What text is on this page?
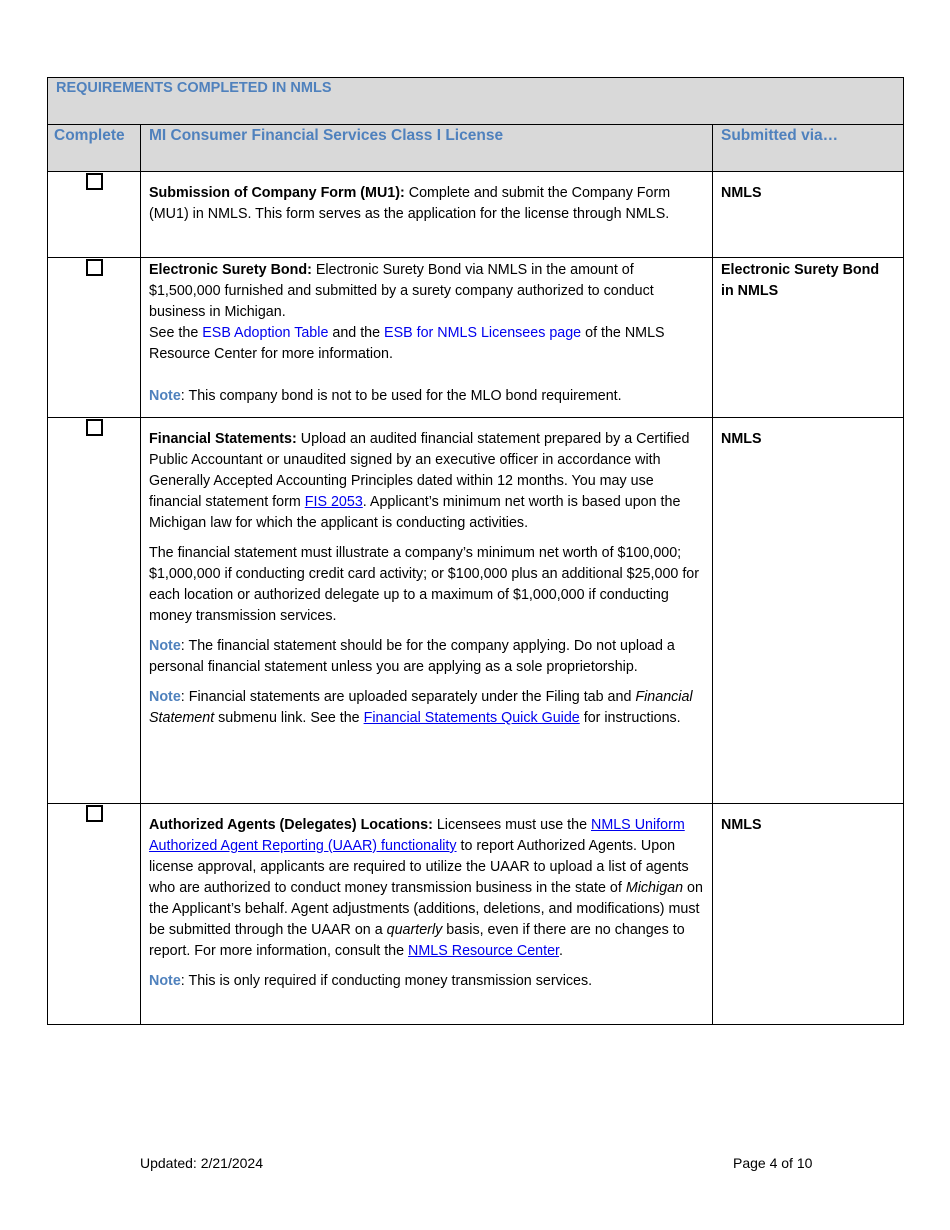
REQUIREMENTS COMPLETED IN NMLS		
Complete	MI Consumer Financial Services Class I License	Submitted via…

	Submission of Company Form (MU1): Complete and submit the Company Form (MU1) in NMLS. This form serves as the application for the license through NMLS.	NMLS

	Electronic Surety Bond: Electronic Surety Bond via NMLS in the amount of $1,500,000 furnished and submitted by a surety company authorized to conduct business in Michigan.
See the ESB Adoption Table and the ESB for NMLS Licensees page of the NMLS Resource Center for more information.

Note: This company bond is not to be used for the MLO bond requirement.	Electronic Surety Bond in NMLS

	Financial Statements: Upload an audited financial statement prepared by a Certified Public Accountant or unaudited signed by an executive officer in accordance with Generally Accepted Accounting Principles dated within 12 months. You may use financial statement form FIS 2053. Applicant’s minimum net worth is based upon the Michigan law for which the applicant is conducting activities.

The financial statement must illustrate a company’s minimum net worth of $100,000; $1,000,000 if conducting credit card activity; or $100,000 plus an additional $25,000 for each location or authorized delegate up to a maximum of $1,000,000 if conducting money transmission services.

Note: The financial statement should be for the company applying. Do not upload a personal financial statement unless you are applying as a sole proprietorship.

Note: Financial statements are uploaded separately under the Filing tab and Financial Statement submenu link. See the Financial Statements Quick Guide for instructions.	NMLS

	Authorized Agents (Delegates) Locations: Licensees must use the NMLS Uniform Authorized Agent Reporting (UAAR) functionality to report Authorized Agents. Upon license approval, applicants are required to utilize the UAAR to upload a list of agents who are authorized to conduct money transmission business in the state of Michigan on the Applicant’s behalf. Agent adjustments (additions, deletions, and modifications) must be submitted through the UAAR on a quarterly basis, even if there are no changes to report. For more information, consult the NMLS Resource Center.

Note: This is only required if conducting money transmission services.	NMLS
Updated: 2/21/2024	Page 4 of 10
